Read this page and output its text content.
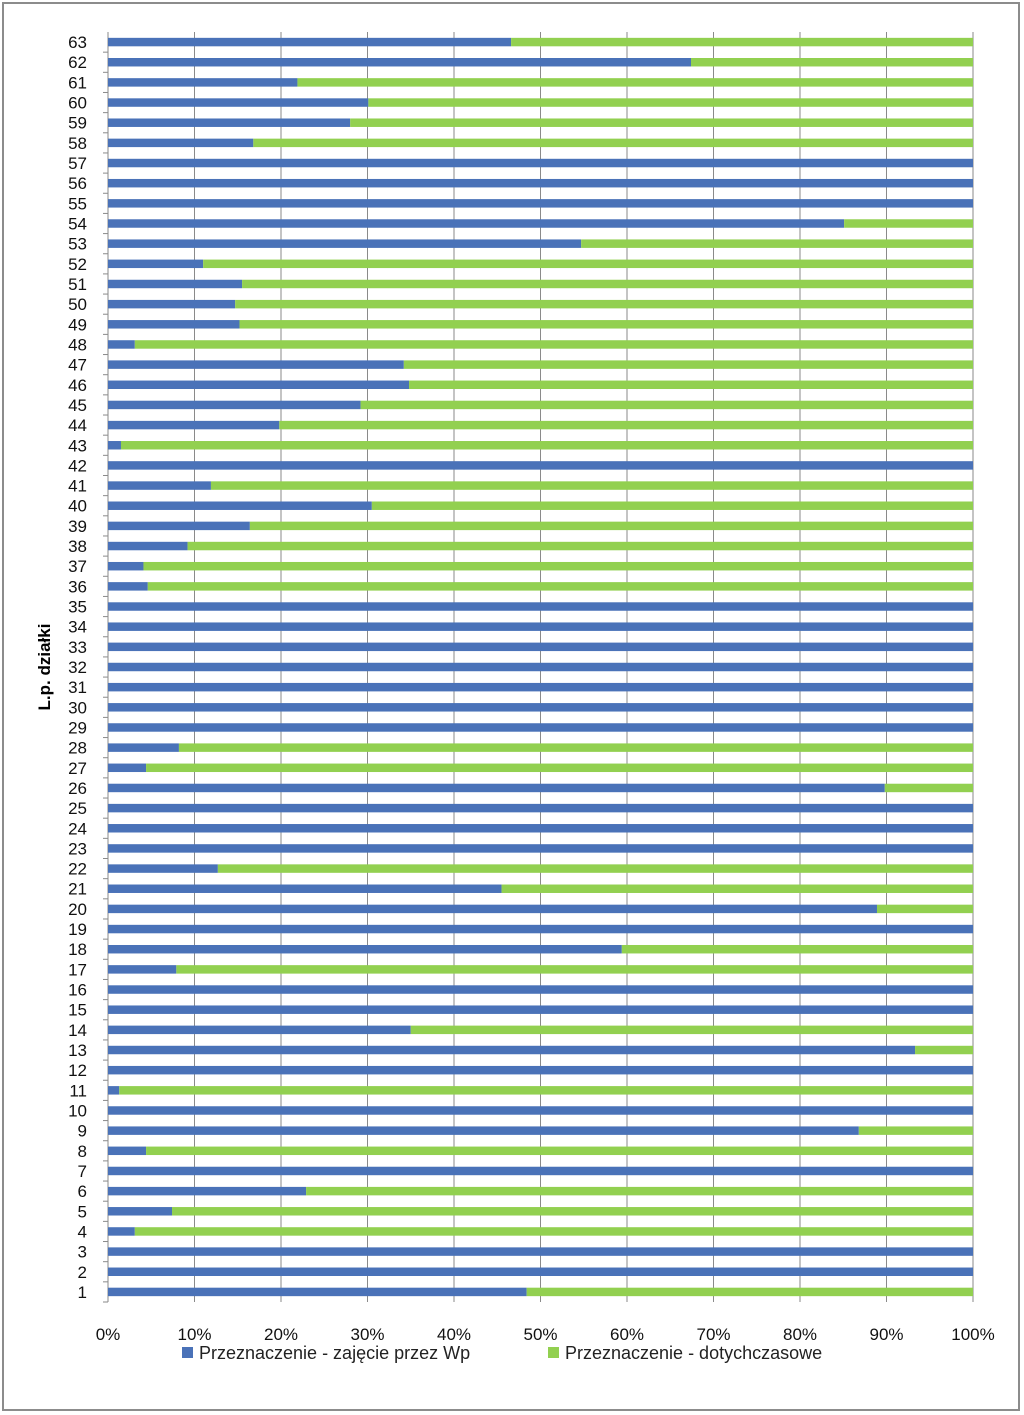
1
2
3
4
5
6
7
8
9
10
11
12
13
14
15
16
17
18
19
20
21
22
23
24
25
26
27
28
29
30
31
32
33
34
35
36
37
38
39
40
41
42
43
44
45
46
47
48
49
50
51
52
53
54
55
56
57
58
59
60
61
62
63
0%	10%	20%	30%	40%	50%	60%	70%	80%	90%	100%
L.p. działki
Przeznaczenie - zajęcie przez Wp	Przeznaczenie - dotychczasowe
